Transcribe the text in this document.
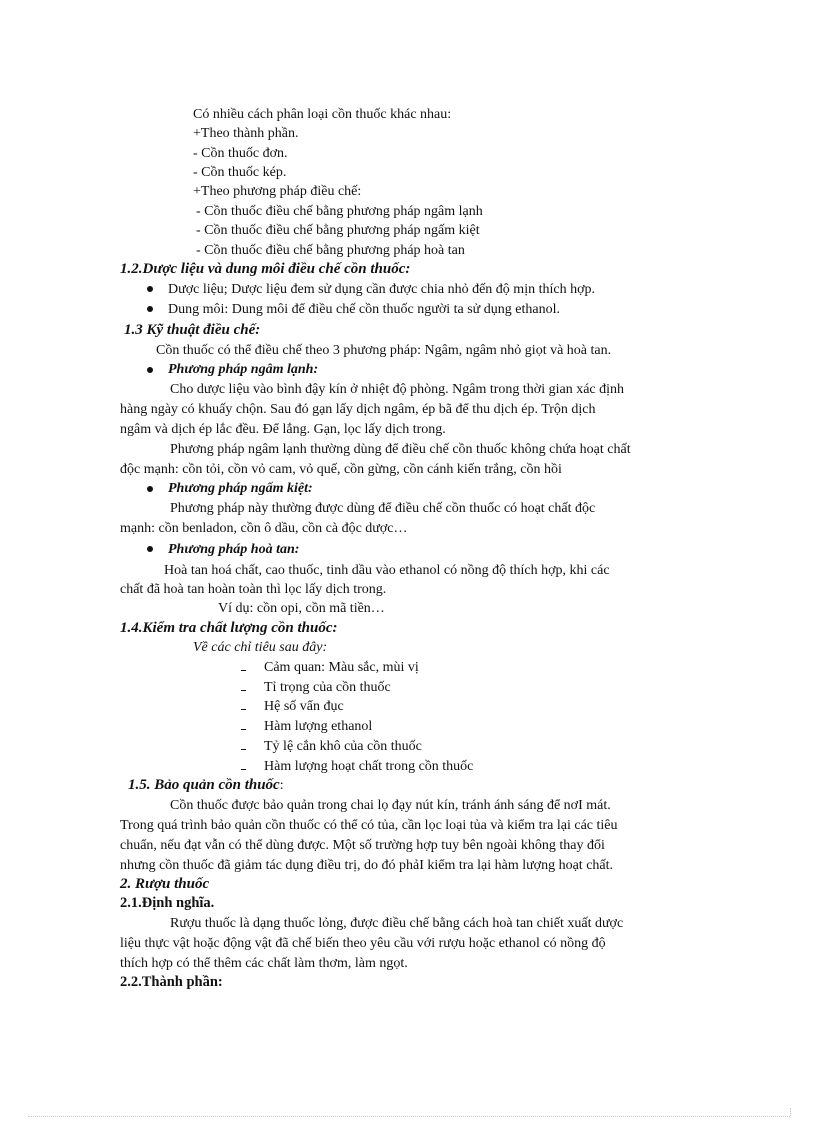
Có nhiều cách phân loại cồn thuốc khác nhau:
+Theo thành phần.
- Cồn thuốc đơn.
- Cồn thuốc kép.
+Theo phương pháp điều chế:
- Cồn thuốc điều chế bằng phương pháp ngâm lạnh
- Cồn thuốc điều chế bằng phương pháp ngấm kiệt
- Cồn thuốc điều chế bằng phương pháp hoà tan
1.2.Dược liệu và dung môi điều chế cồn thuốc:
Dược liệu; Dược liệu đem sử dụng cần được chia nhỏ đến độ mịn thích hợp.
Dung môi: Dung môi để điều chế cồn thuốc người ta sử dụng ethanol.
1.3 Kỹ thuật điều chế:
Cồn thuốc có thể điều chế theo 3 phương pháp: Ngâm, ngâm nhỏ giọt và hoà tan.
Phương pháp ngâm lạnh:
Cho dược liệu vào bình đậy kín ở nhiệt độ phòng. Ngâm trong thời gian xác định
hàng ngày có khuấy chộn. Sau đó gạn lấy dịch ngâm, ép bã để thu dịch ép. Trộn dịch
ngâm và dịch ép lắc đều. Để lắng. Gạn, lọc lấy dịch trong.
Phương pháp ngâm lạnh thường dùng để điều chế cồn thuốc không chứa hoạt chất
độc mạnh: cồn tỏi, cồn vỏ cam, vỏ quế, cồn gừng, cồn cánh kiến trắng, cồn hồi
Phương pháp ngấm kiệt:
Phương pháp này thường được dùng để điều chế cồn thuốc có hoạt chất độc
mạnh: cồn benladon, cồn ô dầu, cồn cà độc dược…
Phương pháp hoà tan:
Hoà tan hoá chất, cao thuốc, tinh dầu vào ethanol có nồng độ thích hợp, khi các
chất đã hoà tan hoàn toàn thì lọc lấy dịch trong.
Ví dụ: cồn opi, cồn mã tiền…
1.4.Kiểm tra chất lượng cồn thuốc:
Về các chỉ tiêu sau đây:
Cảm quan: Màu sắc, mùi vị
Tỉ trọng của cồn thuốc
Hệ số vẩn đục
Hàm lượng ethanol
Tỷ lệ cắn khô của cồn thuốc
Hàm lượng hoạt chất trong cồn thuốc
1.5. Bảo quản cồn thuốc:
Cồn thuốc được bảo quản trong chai lọ đạy nút kín, tránh ánh sáng để nơI mát.
Trong quá trình bảo quản cồn thuốc có thể có tủa, cần lọc loại tủa và kiểm tra lại các tiêu
chuẩn, nếu đạt vẫn có thể dùng được. Một số trường hợp tuy bên ngoài không thay đổi
nhưng cồn thuốc đã giảm tác dụng điều trị, do đó phảI kiểm tra lại hàm lượng hoạt chất.
2. Rượu thuốc
2.1.Định nghĩa.
Rượu thuốc là dạng thuốc lỏng, được điều chế bằng cách hoà tan chiết xuất dược
liệu thực vật hoặc động vật đã chế biến theo yêu cầu với rượu hoặc ethanol có nồng độ
thích hợp có thể thêm các chất làm thơm, làm ngọt.
2.2.Thành phần:
